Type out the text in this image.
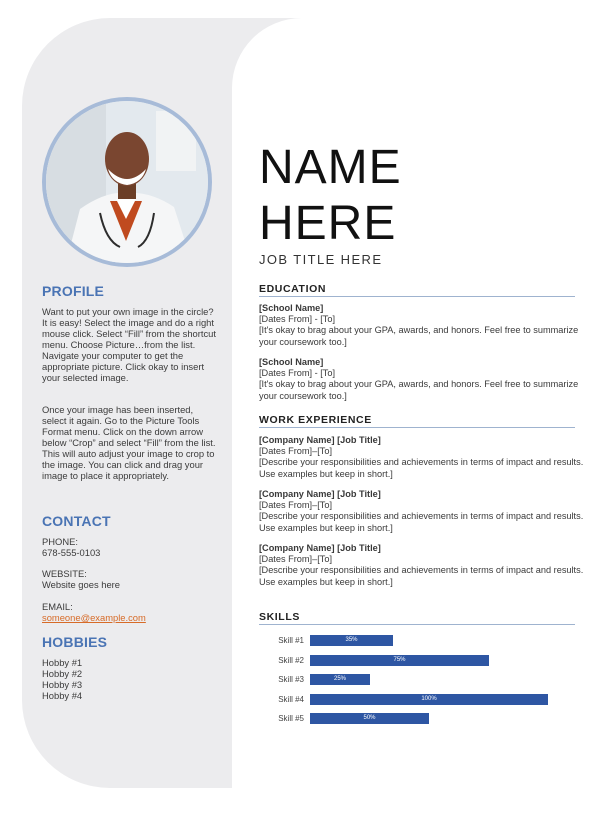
PROFILE
Want to put your own image in the circle? It is easy! Select the image and do a right mouse click. Select “Fill” from the shortcut menu. Choose Picture…from the list. Navigate your computer to get the appropriate picture. Click okay to insert your selected image.
Once your image has been inserted, select it again. Go to the Picture Tools Format menu. Click on the down arrow below “Crop” and select “Fill” from the list. This will auto adjust your image to crop to the image. You can click and drag your image to place it appropriately.
CONTACT
PHONE:
678-555-0103
WEBSITE:
Website goes here
EMAIL:
someone@example.com
HOBBIES
Hobby #1
Hobby #2
Hobby #3
Hobby #4
NAME
HERE
JOB TITLE HERE
EDUCATION
[School Name]
[Dates From] - [To]
[It's okay to brag about your GPA, awards, and honors. Feel free to summarize your coursework too.]
[School Name]
[Dates From] - [To]
[It's okay to brag about your GPA, awards, and honors. Feel free to summarize your coursework too.]
WORK EXPERIENCE
[Company Name] [Job Title]
[Dates From]–[To]
[Describe your responsibilities and achievements in terms of impact and results. Use examples but keep in short.]
[Company Name] [Job Title]
[Dates From]–[To]
[Describe your responsibilities and achievements in terms of impact and results. Use examples but keep in short.]
[Company Name] [Job Title]
[Dates From]–[To]
[Describe your responsibilities and achievements in terms of impact and results. Use examples but keep in short.]
SKILLS
Skill #1	35%
Skill #2	75%
Skill #3	25%
Skill #4	100%
Skill #5	50%
